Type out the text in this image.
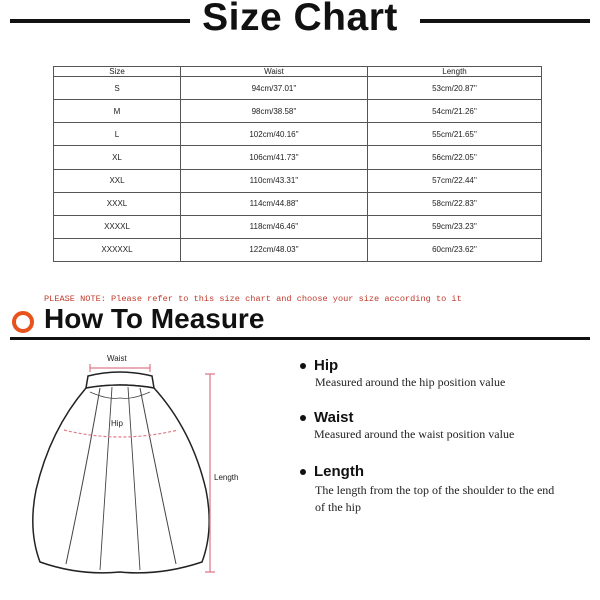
Size Chart
Size	Waist	Length
S	94cm/37.01''	53cm/20.87''
M	98cm/38.58''	54cm/21.26''
L	102cm/40.16''	55cm/21.65''
XL	106cm/41.73''	56cm/22.05''
XXL	110cm/43.31''	57cm/22.44''
XXXL	114cm/44.88''	58cm/22.83''
XXXXL	118cm/46.46''	59cm/23.23''
XXXXXL	122cm/48.03''	60cm/23.62''
PLEASE NOTE: Please refer to this size chart and choose your size according to it
How To Measure
Waist
Hip
Length
Hip
Measured around the hip position value
Waist
Measured around the waist position value
Length
The length from the top of the shoulder to the end of the hip
